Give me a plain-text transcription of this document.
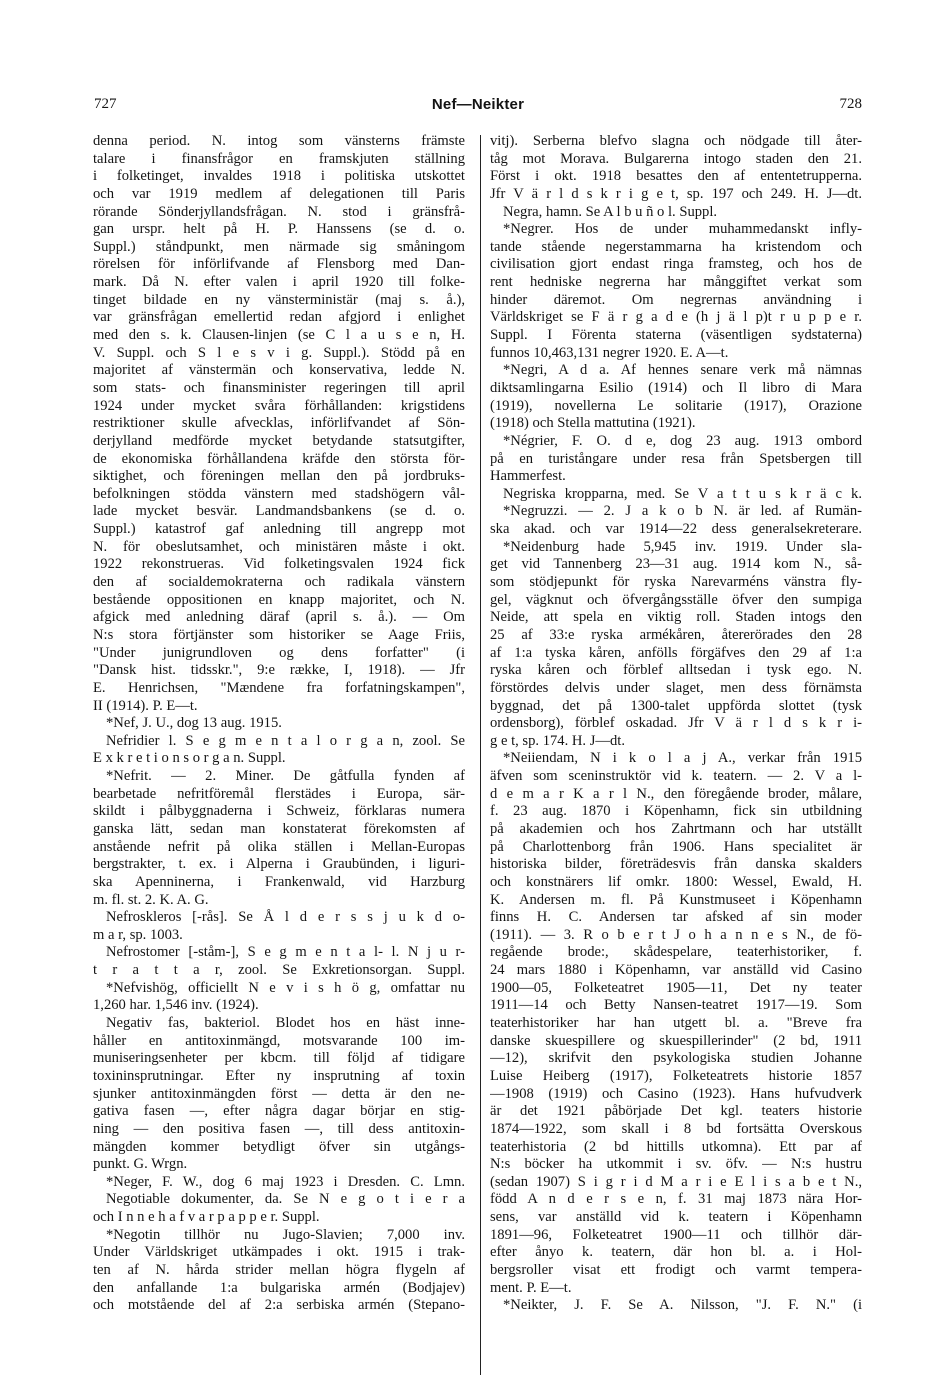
727	Nef—Neikter	728
denna period. N. intog som vänsterns främste
talare i finansfrågor en framskjuten ställning
i folketinget, invaldes 1918 i politiska utskottet
och var 1919 medlem af delegationen till Paris
rörande Sönderjyllandsfrågan. N. stod i gränsfrå-
gan urspr. helt på H. P. Hanssens (se d. o.
Suppl.) ståndpunkt, men närmade sig småningom
rörelsen för införlifvande af Flensborg med Dan-
mark. Då N. efter valen i april 1920 till folke-
tinget bildade en ny vänsterministär (maj s. å.),
var gränsfrågan emellertid redan afgjord i enlighet
med den s. k. Clausen-linjen (se C l a u s e n, H.
V. Suppl. och S l e s v i g. Suppl.). Stödd på en
majoritet af vänstermän och konservativa, ledde N.
som stats- och finansminister regeringen till april
1924 under mycket svåra förhållanden: krigstidens
restriktioner skulle afvecklas, införlifvandet af Sön-
derjylland medförde mycket betydande statsutgifter,
de ekonomiska förhållandena kräfde den största för-
siktighet, och föreningen mellan den på jordbruks-
befolkningen stödda vänstern med stadshögern vål-
lade mycket besvär. Landmandsbankens (se d. o.
Suppl.) katastrof gaf anledning till angrepp mot
N. för obeslutsamhet, och ministären måste i okt.
1922 rekonstrueras. Vid folketingsvalen 1924 fick
den af socialdemokraterna och radikala vänstern
bestående oppositionen en knapp majoritet, och N.
afgick med anledning däraf (april s. å.). — Om
N:s stora förtjänster som historiker se Aage Friis,
"Under junigrundloven og dens forfatter" (i
"Dansk hist. tidsskr.", 9:e række, I, 1918). — Jfr
E. Henrichsen, "Mændene fra forfatningskampen",
II (1914). P. E—t.
*Nef, J. U., dog 13 aug. 1915.
Nefridier l. S e g m e n t a l o r g a n, zool. Se
E x k r e t i o n s o r g a n. Suppl.
*Nefrit. — 2. Miner. De gåtfulla fynden af
bearbetade nefritföremål flerstädes i Europa, sär-
skildt i pålbyggnaderna i Schweiz, förklaras numera
ganska lätt, sedan man konstaterat förekomsten af
anstående nefrit på olika ställen i Mellan-Europas
bergstrakter, t. ex. i Alperna i Graubünden, i liguri-
ska Apenninerna, i Frankenwald, vid Harzburg
m. fl. st. 2. K. A. G.
Nefroskleros [-rås]. Se Å l d e r s s j u k d o-
m a r, sp. 1003.
Nefrostomer [-ståm-], S e g m e n t a l- l. N j u r-
t r a t t a r, zool. Se Exkretionsorgan. Suppl.
*Nefvishög, officiellt N e v i s h ö g, omfattar nu
1,260 har. 1,546 inv. (1924).
Negativ fas, bakteriol. Blodet hos en häst inne-
håller en antitoxinmängd, motsvarande 100 im-
muniseringsenheter per kbcm. till följd af tidigare
toxininsprutningar. Efter ny insprutning af toxin
sjunker antitoxinmängden först — detta är den ne-
gativa fasen —, efter några dagar börjar en stig-
ning — den positiva fasen —, till dess antitoxin-
mängden kommer betydligt öfver sin utgångs-
punkt. G. Wrgn.
*Neger, F. W., dog 6 maj 1923 i Dresden. C. Lmn.
Negotiable dokumenter, da. Se N e g o t i e r a
och I n n e h a f v a r p a p p e r. Suppl.
*Negotin tillhör nu Jugo-Slavien; 7,000 inv.
Under Världskriget utkämpades i okt. 1915 i trak-
ten af N. hårda strider mellan högra flygeln af
den anfallande 1:a bulgariska armén (Bodjajev)
och motstående del af 2:a serbiska armén (Stepano-
vitj). Serberna blefvo slagna och nödgade till åter-
tåg mot Morava. Bulgarerna intogo staden den 21.
Först i okt. 1918 besattes den af ententetrupperna.
Jfr V ä r l d s k r i g e t, sp. 197 och 249. H. J—dt.
Negra, hamn. Se A l b u ñ o l. Suppl.
*Negrer. Hos de under muhammedanskt infly-
tande stående negerstammarna ha kristendom och
civilisation gjort endast ringa framsteg, och hos de
rent hedniske negrerna har månggiftet verkat som
hinder däremot. Om negrernas användning i
Världskriget se F ä r g a d e (h j ä l p)t r u p p e r.
Suppl. I Förenta staterna (väsentligen sydstaterna)
funnos 10,463,131 negrer 1920. E. A—t.
*Negri, A d a. Af hennes senare verk må nämnas
diktsamlingarna Esilio (1914) och Il libro di Mara
(1919), novellerna Le solitarie (1917), Orazione
(1918) och Stella mattutina (1921).
*Négrier, F. O. d e, dog 23 aug. 1913 ombord
på en turistångare under resa från Spetsbergen till
Hammerfest.
Negriska kropparna, med. Se V a t t u s k r ä c k.
*Negruzzi. — 2. J a k o b N. är led. af Rumän-
ska akad. och var 1914—22 dess generalsekreterare.
*Neidenburg hade 5,945 inv. 1919. Under sla-
get vid Tannenberg 23—31 aug. 1914 kom N., så-
som stödjepunkt för ryska Narevarméns vänstra fly-
gel, vägknut och öfvergångsställe öfver den sumpiga
Neide, att spela en viktig roll. Staden intogs den
25 af 33:e ryska armékåren, återerörades den 28
af 1:a tyska kåren, anfölls förgäfves den 29 af 1:a
ryska kåren och förblef alltsedan i tysk ego. N.
förstördes delvis under slaget, men dess förnämsta
byggnad, det på 1300-talet uppförda slottet (tysk
ordensborg), förblef oskadad. Jfr V ä r l d s k r i-
g e t, sp. 174. H. J—dt.
*Neiiendam, N i k o l a j A., verkar från 1915
äfven som sceninstruktör vid k. teatern. — 2. V a l-
d e m a r K a r l N., den föregående broder, målare,
f. 23 aug. 1870 i Köpenhamn, fick sin utbildning
på akademien och hos Zahrtmann och har utställt
på Charlottenborg från 1906. Hans specialitet är
historiska bilder, företrädesvis från danska skalders
och konstnärers lif omkr. 1800: Wessel, Ewald, H.
K. Andersen m. fl. På Kunstmuseet i Köpenhamn
finns H. C. Andersen tar afsked af sin moder
(1911). — 3. R o b e r t J o h a n n e s N., de fö-
regående brode:, skådespelare, teaterhistoriker, f.
24 mars 1880 i Köpenhamn, var anställd vid Casino
1900—05, Folketeatret 1905—11, Det ny teater
1911—14 och Betty Nansen-teatret 1917—19. Som
teaterhistoriker har han utgett bl. a. "Breve fra
danske skuespillere og skuespillerinder" (2 bd, 1911
—12), skrifvit den psykologiska studien Johanne
Luise Heiberg (1917), Folketeatrets historie 1857
—1908 (1919) och Casino (1923). Hans hufvudverk
är det 1921 påbörjade Det kgl. teaters historie
1874—1922, som skall i 8 bd fortsätta Overskous
teaterhistoria (2 bd hittills utkomna). Ett par af
N:s böcker ha utkommit i sv. öfv. — N:s hustru
(sedan 1907) S i g r i d M a r i e E l i s a b e t N.,
född A n d e r s e n, f. 31 maj 1873 nära Hor-
sens, var anställd vid k. teatern i Köpenhamn
1891—96, Folketeatret 1900—11 och tillhör där-
efter ånyo k. teatern, där hon bl. a. i Hol-
bergsroller visat ett frodigt och varmt tempera-
ment. P. E—t.
*Neikter, J. F. Se A. Nilsson, "J. F. N." (i
